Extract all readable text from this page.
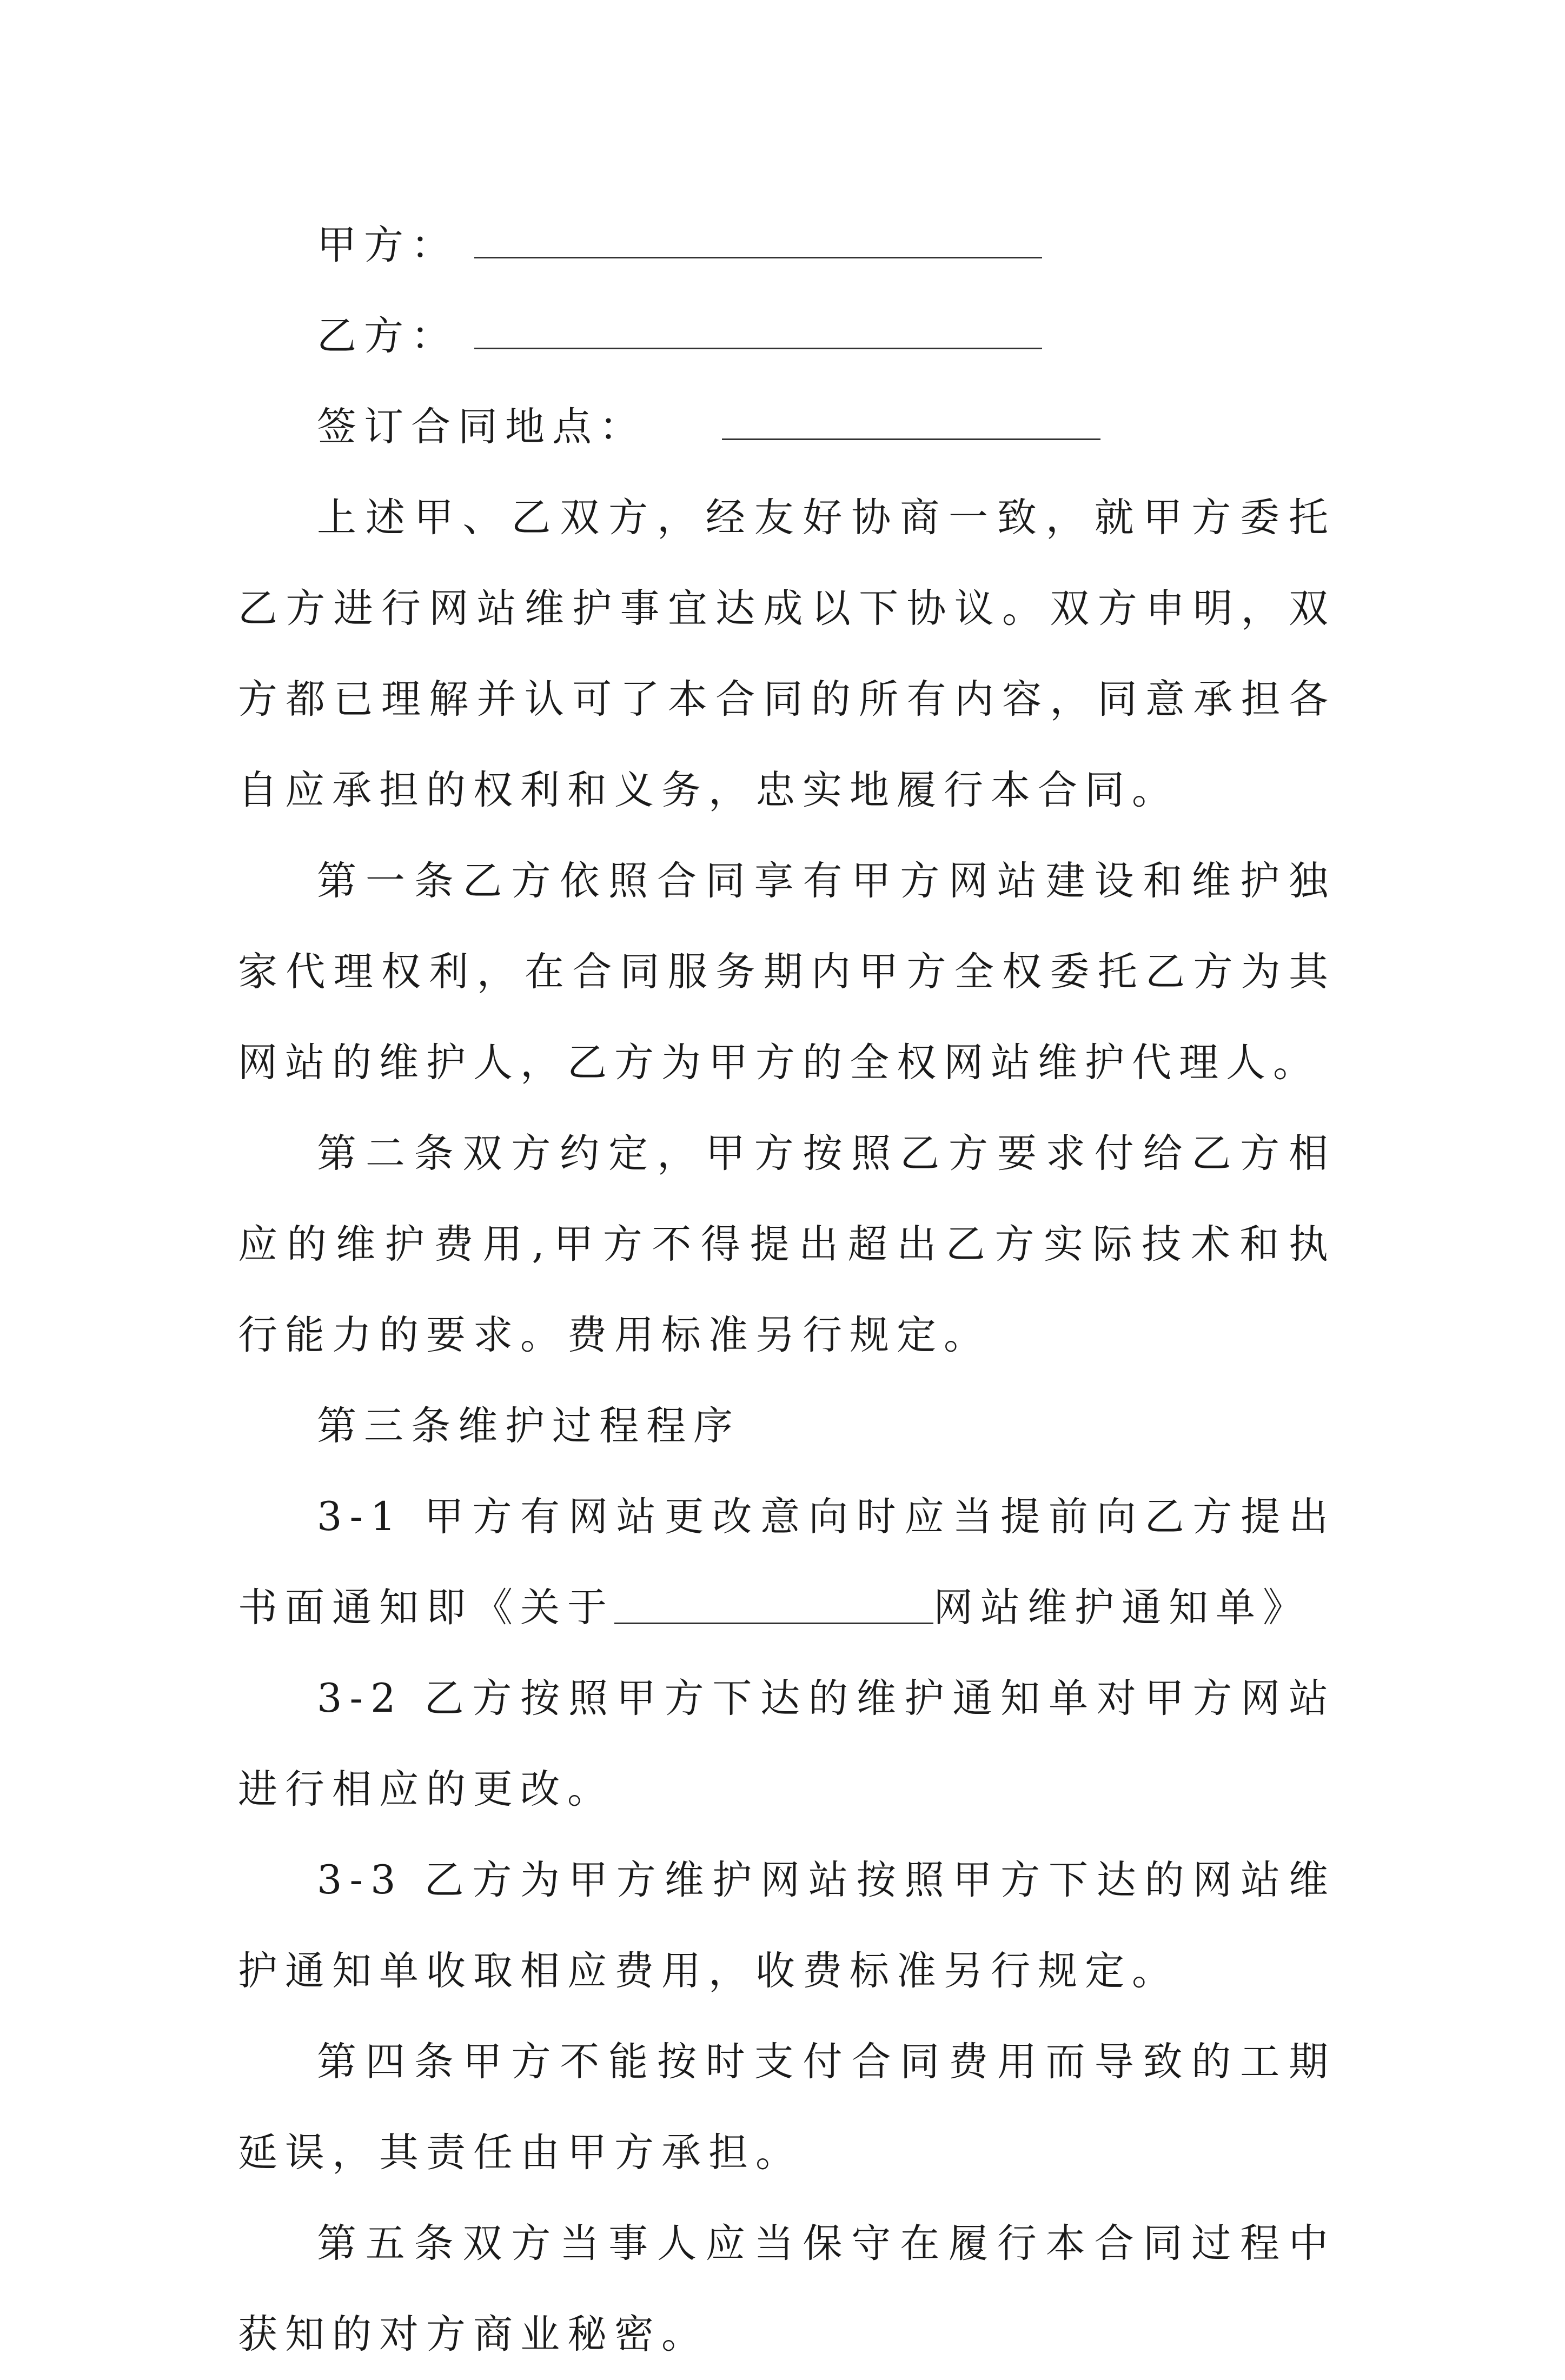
甲方：

乙方：

签订合同地点：

上述甲、乙双方，经友好协商一致，就甲方委托乙方进行网站维护事宜达成以下协议。双方申明，双方都已理解并认可了本合同的所有内容，同意承担各自应承担的权利和义务，忠实地履行本合同。

第一条乙方依照合同享有甲方网站建设和维护独家代理权利，在合同服务期内甲方全权委托乙方为其网站的维护人，乙方为甲方的全权网站维护代理人。

第二条双方约定，甲方按照乙方要求付给乙方相应的维护费用,甲方不得提出超出乙方实际技术和执行能力的要求。费用标准另行规定。

第三条维护过程程序

3-1 甲方有网站更改意向时应当提前向乙方提出书面通知即《关于	网站维护通知单》

3-2 乙方按照甲方下达的维护通知单对甲方网站进行相应的更改。

3-3 乙方为甲方维护网站按照甲方下达的网站维护通知单收取相应费用，收费标准另行规定。

第四条甲方不能按时支付合同费用而导致的工期延误，其责任由甲方承担。

第五条双方当事人应当保守在履行本合同过程中获知的对方商业秘密。
